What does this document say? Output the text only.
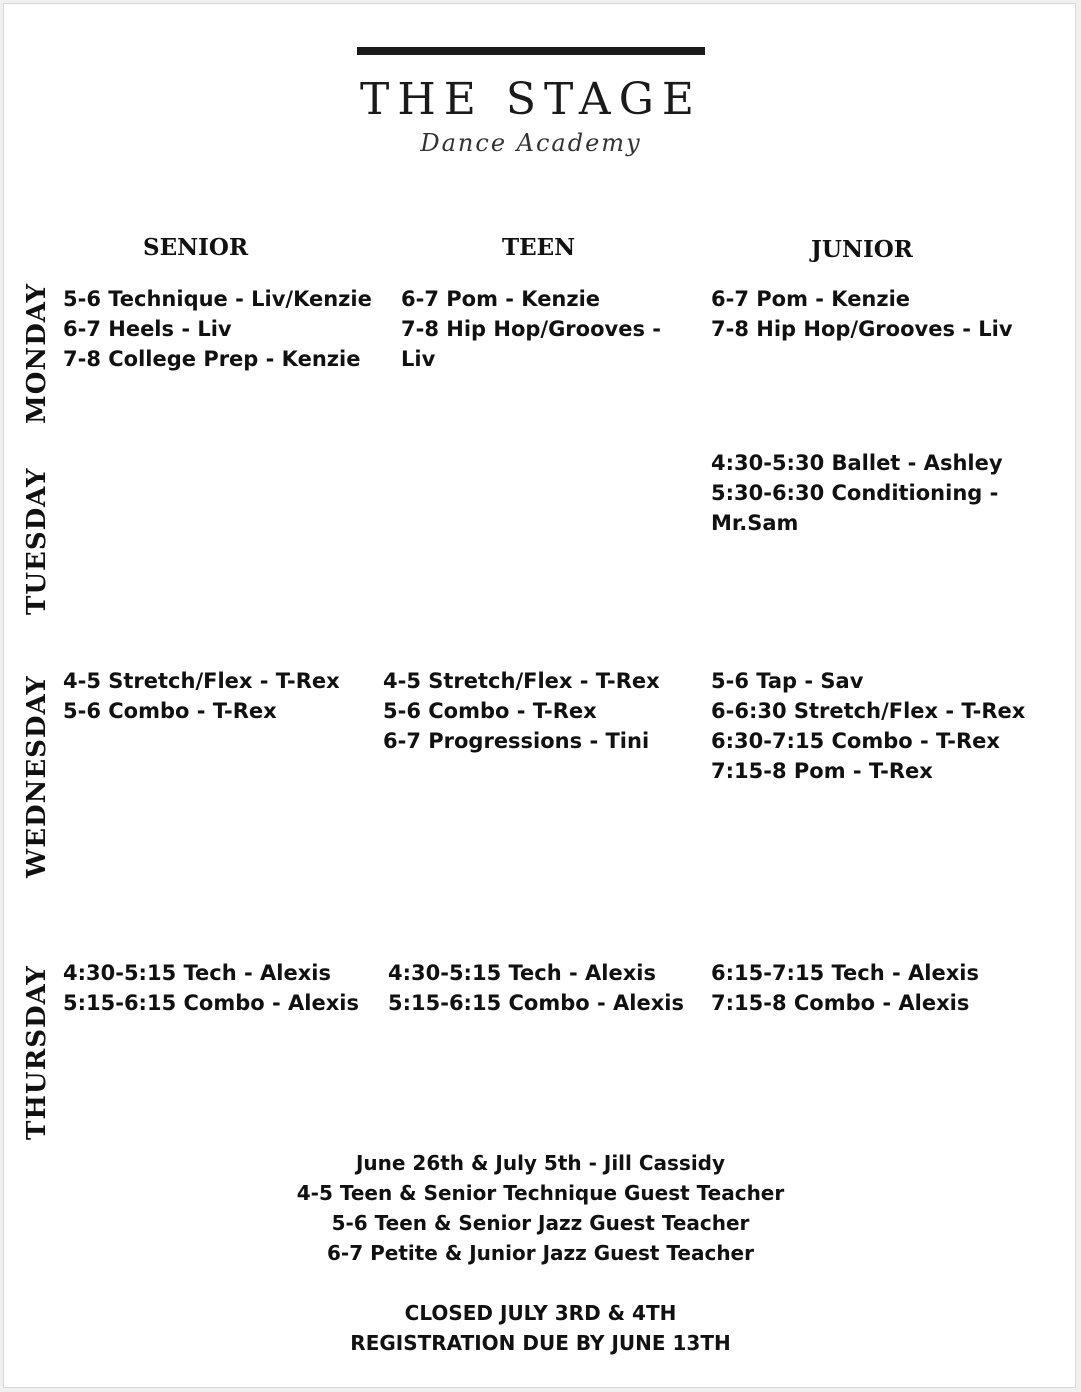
THE STAGE
Dance Academy
SENIOR	TEEN	JUNIOR
MONDAY
TUESDAY
WEDNESDAY
THURSDAY
5-6 Technique - Liv/Kenzie
6-7 Heels - Liv
7-8 College Prep - Kenzie
6-7 Pom - Kenzie
7-8 Hip Hop/Grooves - Liv
6-7 Pom - Kenzie
7-8 Hip Hop/Grooves - Liv
4:30-5:30 Ballet - Ashley
5:30-6:30 Conditioning - Mr.Sam
4-5 Stretch/Flex - T-Rex
5-6 Combo - T-Rex
4-5 Stretch/Flex - T-Rex
5-6 Combo - T-Rex
6-7 Progressions - Tini
5-6 Tap - Sav
6-6:30 Stretch/Flex - T-Rex
6:30-7:15 Combo - T-Rex
7:15-8 Pom - T-Rex
4:30-5:15 Tech - Alexis
5:15-6:15 Combo - Alexis
4:30-5:15 Tech - Alexis
5:15-6:15 Combo - Alexis
6:15-7:15 Tech - Alexis
7:15-8 Combo - Alexis
June 26th & July 5th - Jill Cassidy
4-5 Teen & Senior Technique Guest Teacher
5-6 Teen & Senior Jazz Guest Teacher
6-7 Petite & Junior Jazz Guest Teacher
CLOSED JULY 3RD & 4TH
REGISTRATION DUE BY JUNE 13TH
